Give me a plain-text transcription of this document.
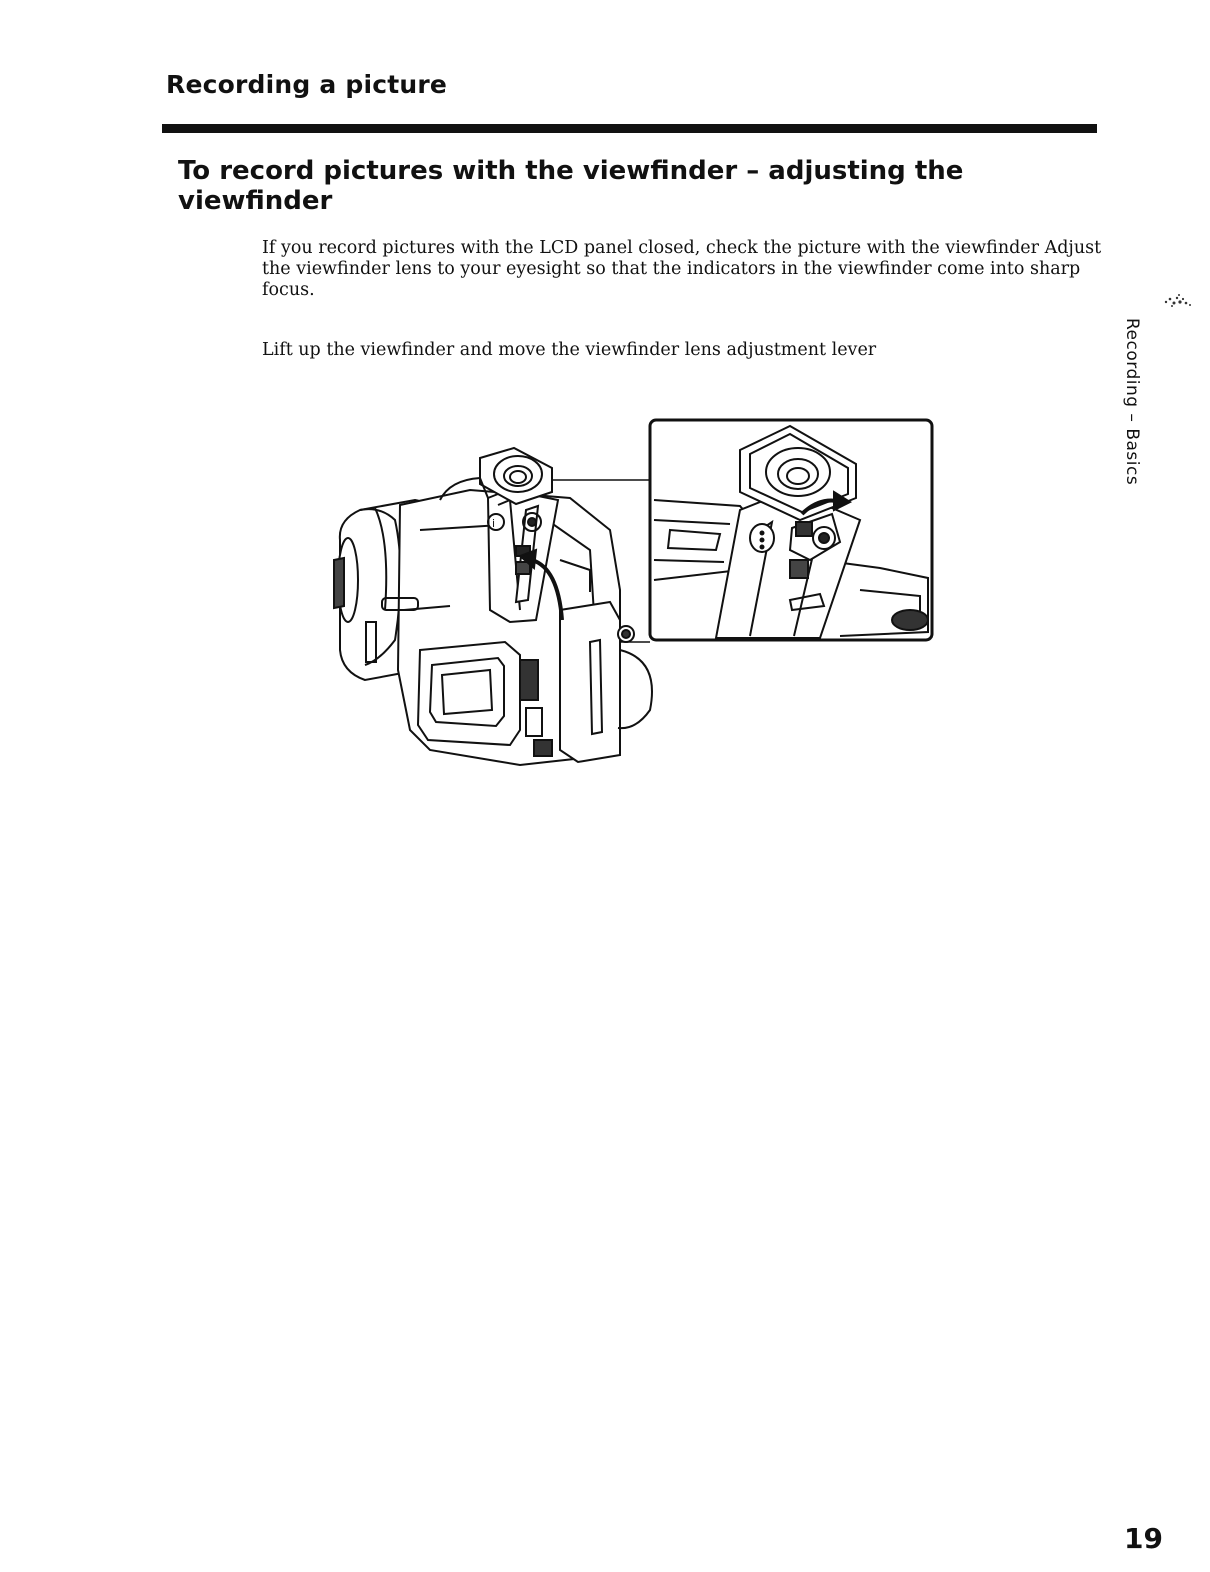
Recording a picture
To record pictures with the viewfinder – adjusting the viewfinder

If you record pictures with the LCD panel closed, check the picture with the viewfinder Adjust the viewfinder lens to your eyesight so that the indicators in the viewfinder come into sharp focus.

Lift up the viewfinder and move the viewfinder lens adjustment lever	Recording – Basics
i
19
